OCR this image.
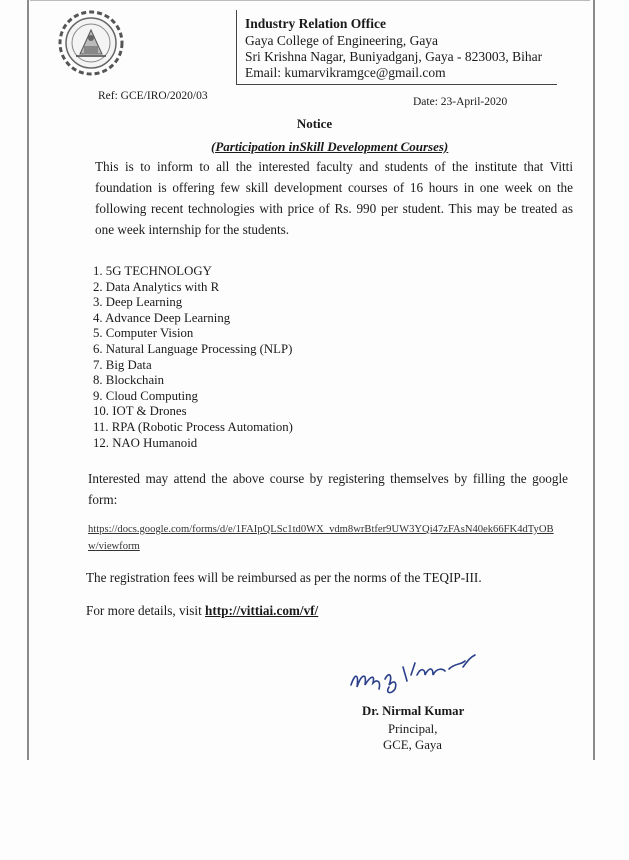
Industry Relation Office
Gaya College of Engineering, Gaya
Sri Krishna Nagar, Buniyadganj, Gaya - 823003, Bihar
Email: kumarvikramgce@gmail.com
Ref: GCE/IRO/2020/03	Date: 23-April-2020
Notice
(Participation inSkill Development Courses)
This is to inform to all the interested faculty and students of the institute that Vitti foundation is offering few skill development courses of 16 hours in one week on the following recent technologies with price of Rs. 990 per student. This may be treated as one week internship for the students.
1. 5G TECHNOLOGY
2. Data Analytics with R
3. Deep Learning
4. Advance Deep Learning
5. Computer Vision
6. Natural Language Processing (NLP)
7. Big Data
8. Blockchain
9. Cloud Computing
10. IOT & Drones
11. RPA (Robotic Process Automation)
12. NAO Humanoid
Interested may attend the above course by registering themselves by filling the google form:
https://docs.google.com/forms/d/e/1FAIpQLSc1td0WX_vdm8wrBtfer9UW3YQi47zFAsN40ek66FK4dTyOBw/viewform
The registration fees will be reimbursed as per the norms of the TEQIP-III.
For more details, visit http://vittiai.com/vf/
Dr. Nirmal Kumar
Principal,
GCE, Gaya
